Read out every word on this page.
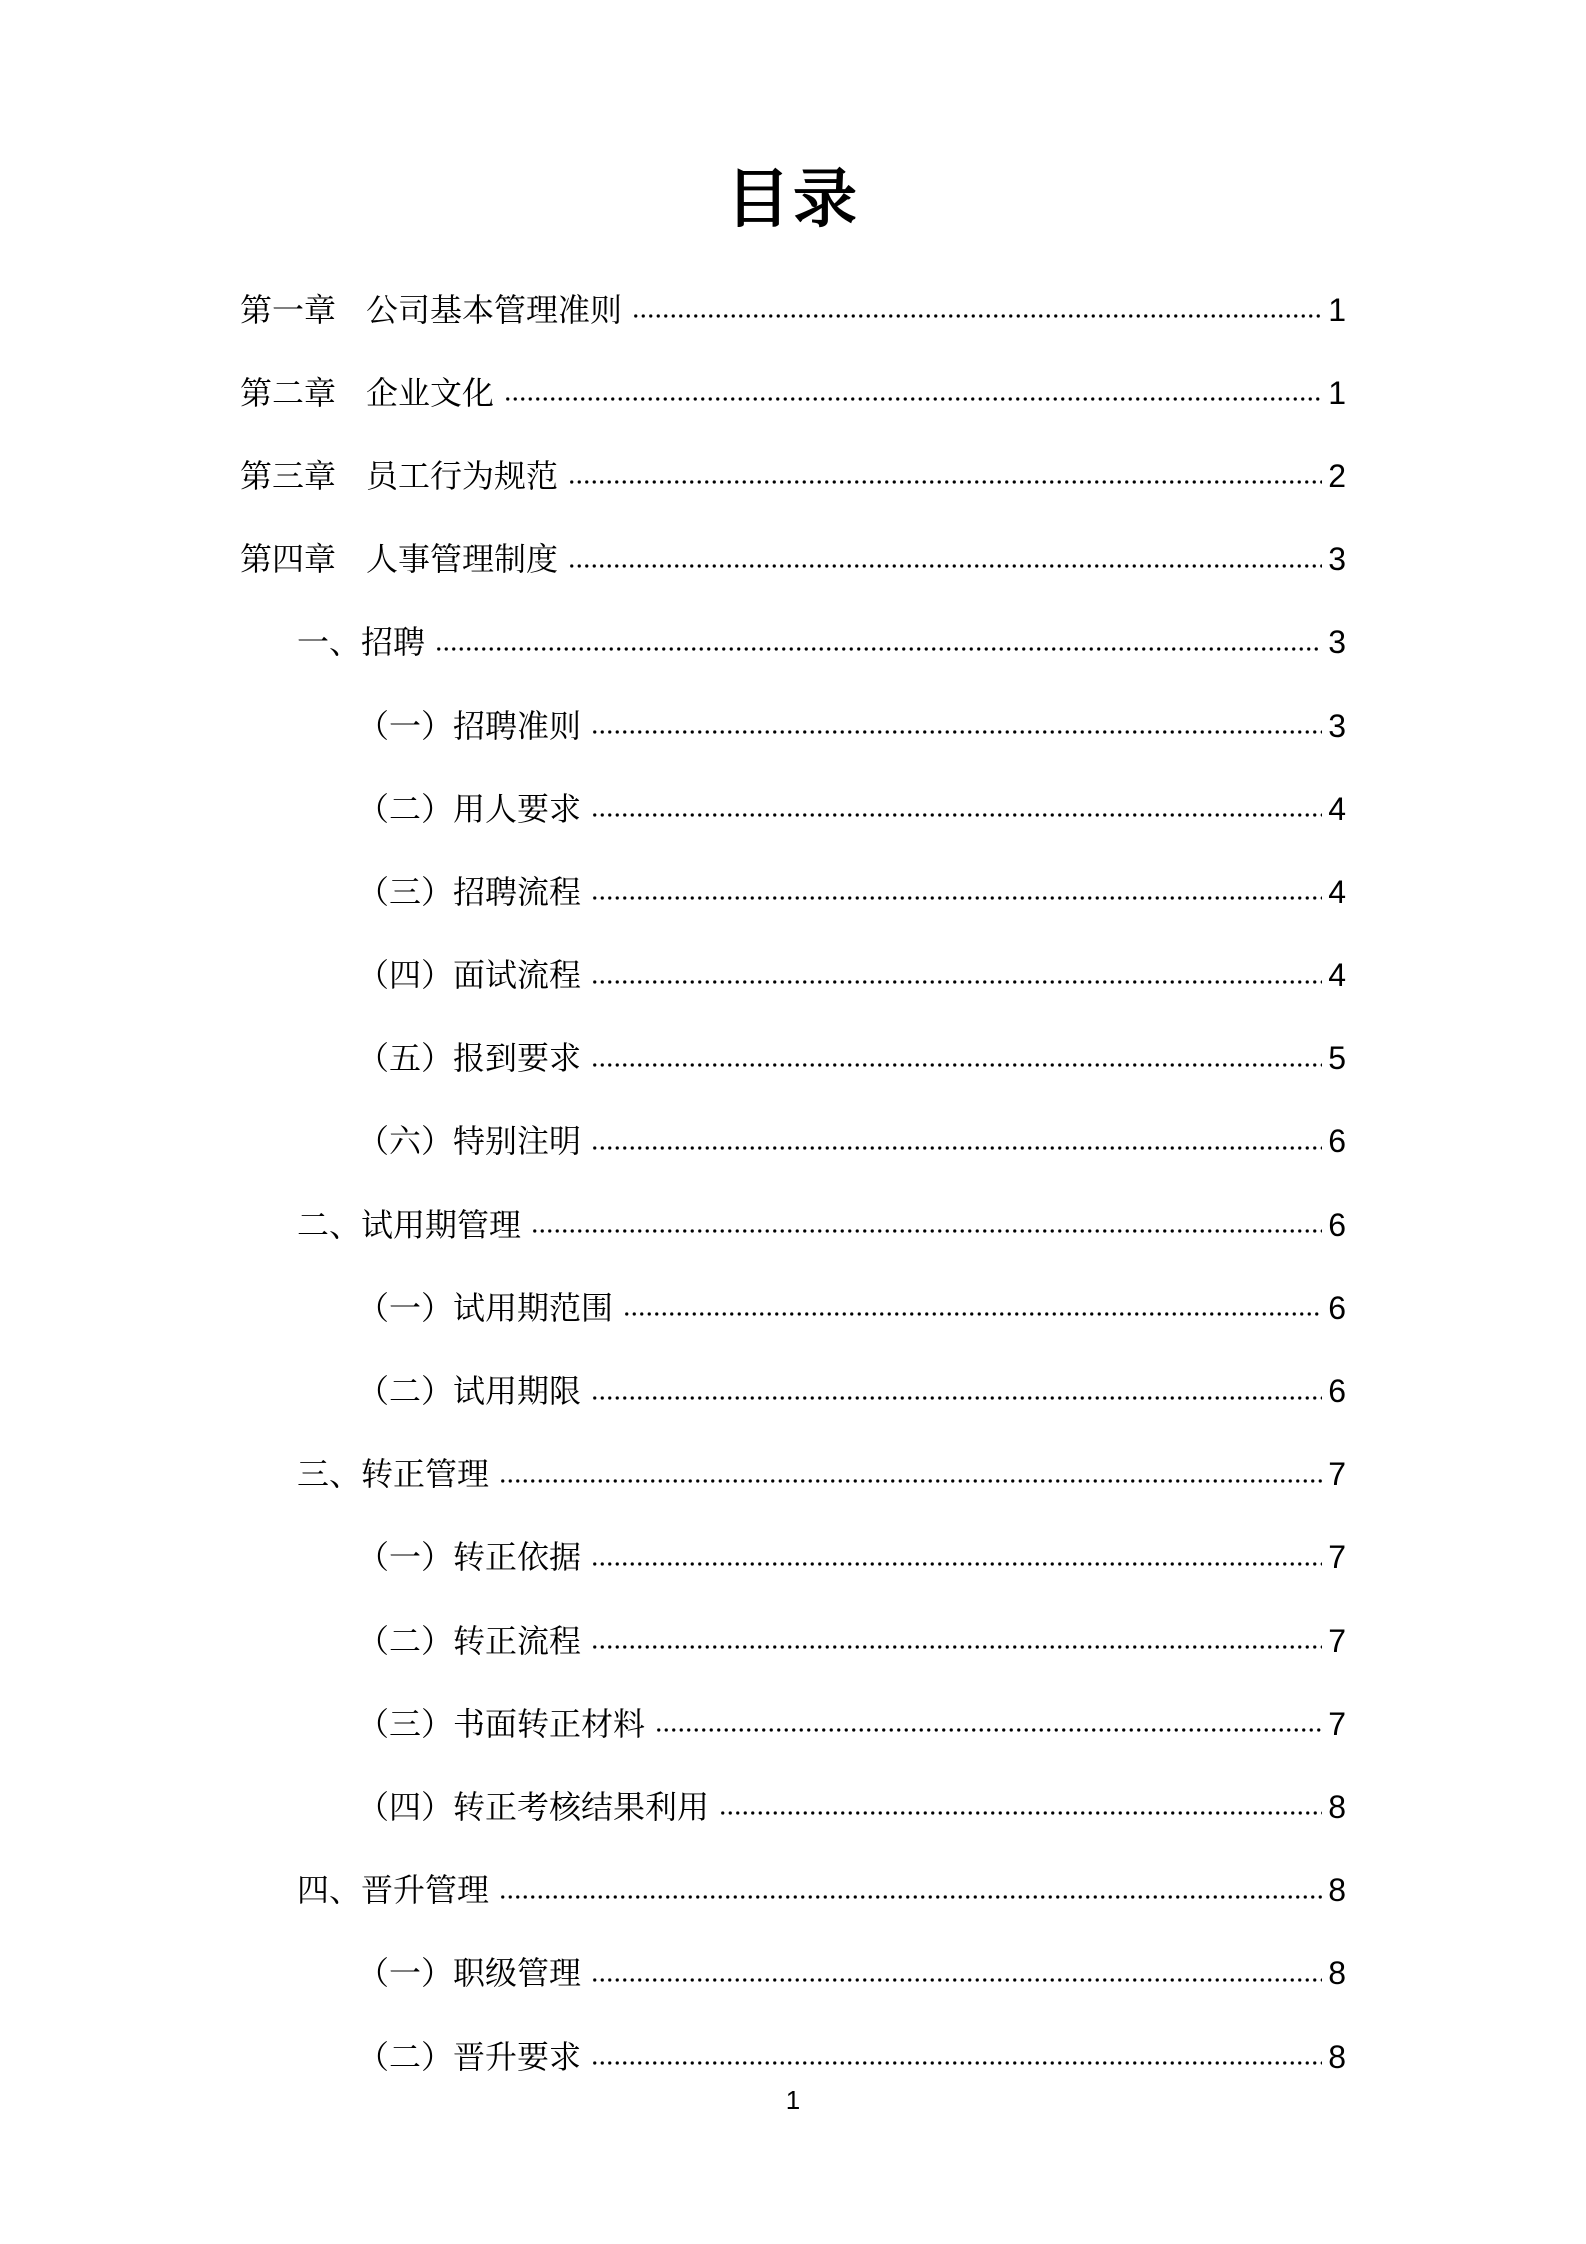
目录
第一章 公司基本管理准则	1
第二章 企业文化	1
第三章 员工行为规范	2
第四章 人事管理制度	3
一、招聘	3
（一）招聘准则	3
（二）用人要求	4
（三）招聘流程	4
（四）面试流程	4
（五）报到要求	5
（六）特别注明	6
二、试用期管理	6
（一）试用期范围	6
（二）试用期限	6
三、转正管理	7
（一）转正依据	7
（二）转正流程	7
（三）书面转正材料	7
（四）转正考核结果利用	8
四、晋升管理	8
（一）职级管理	8
（二）晋升要求	8
1
